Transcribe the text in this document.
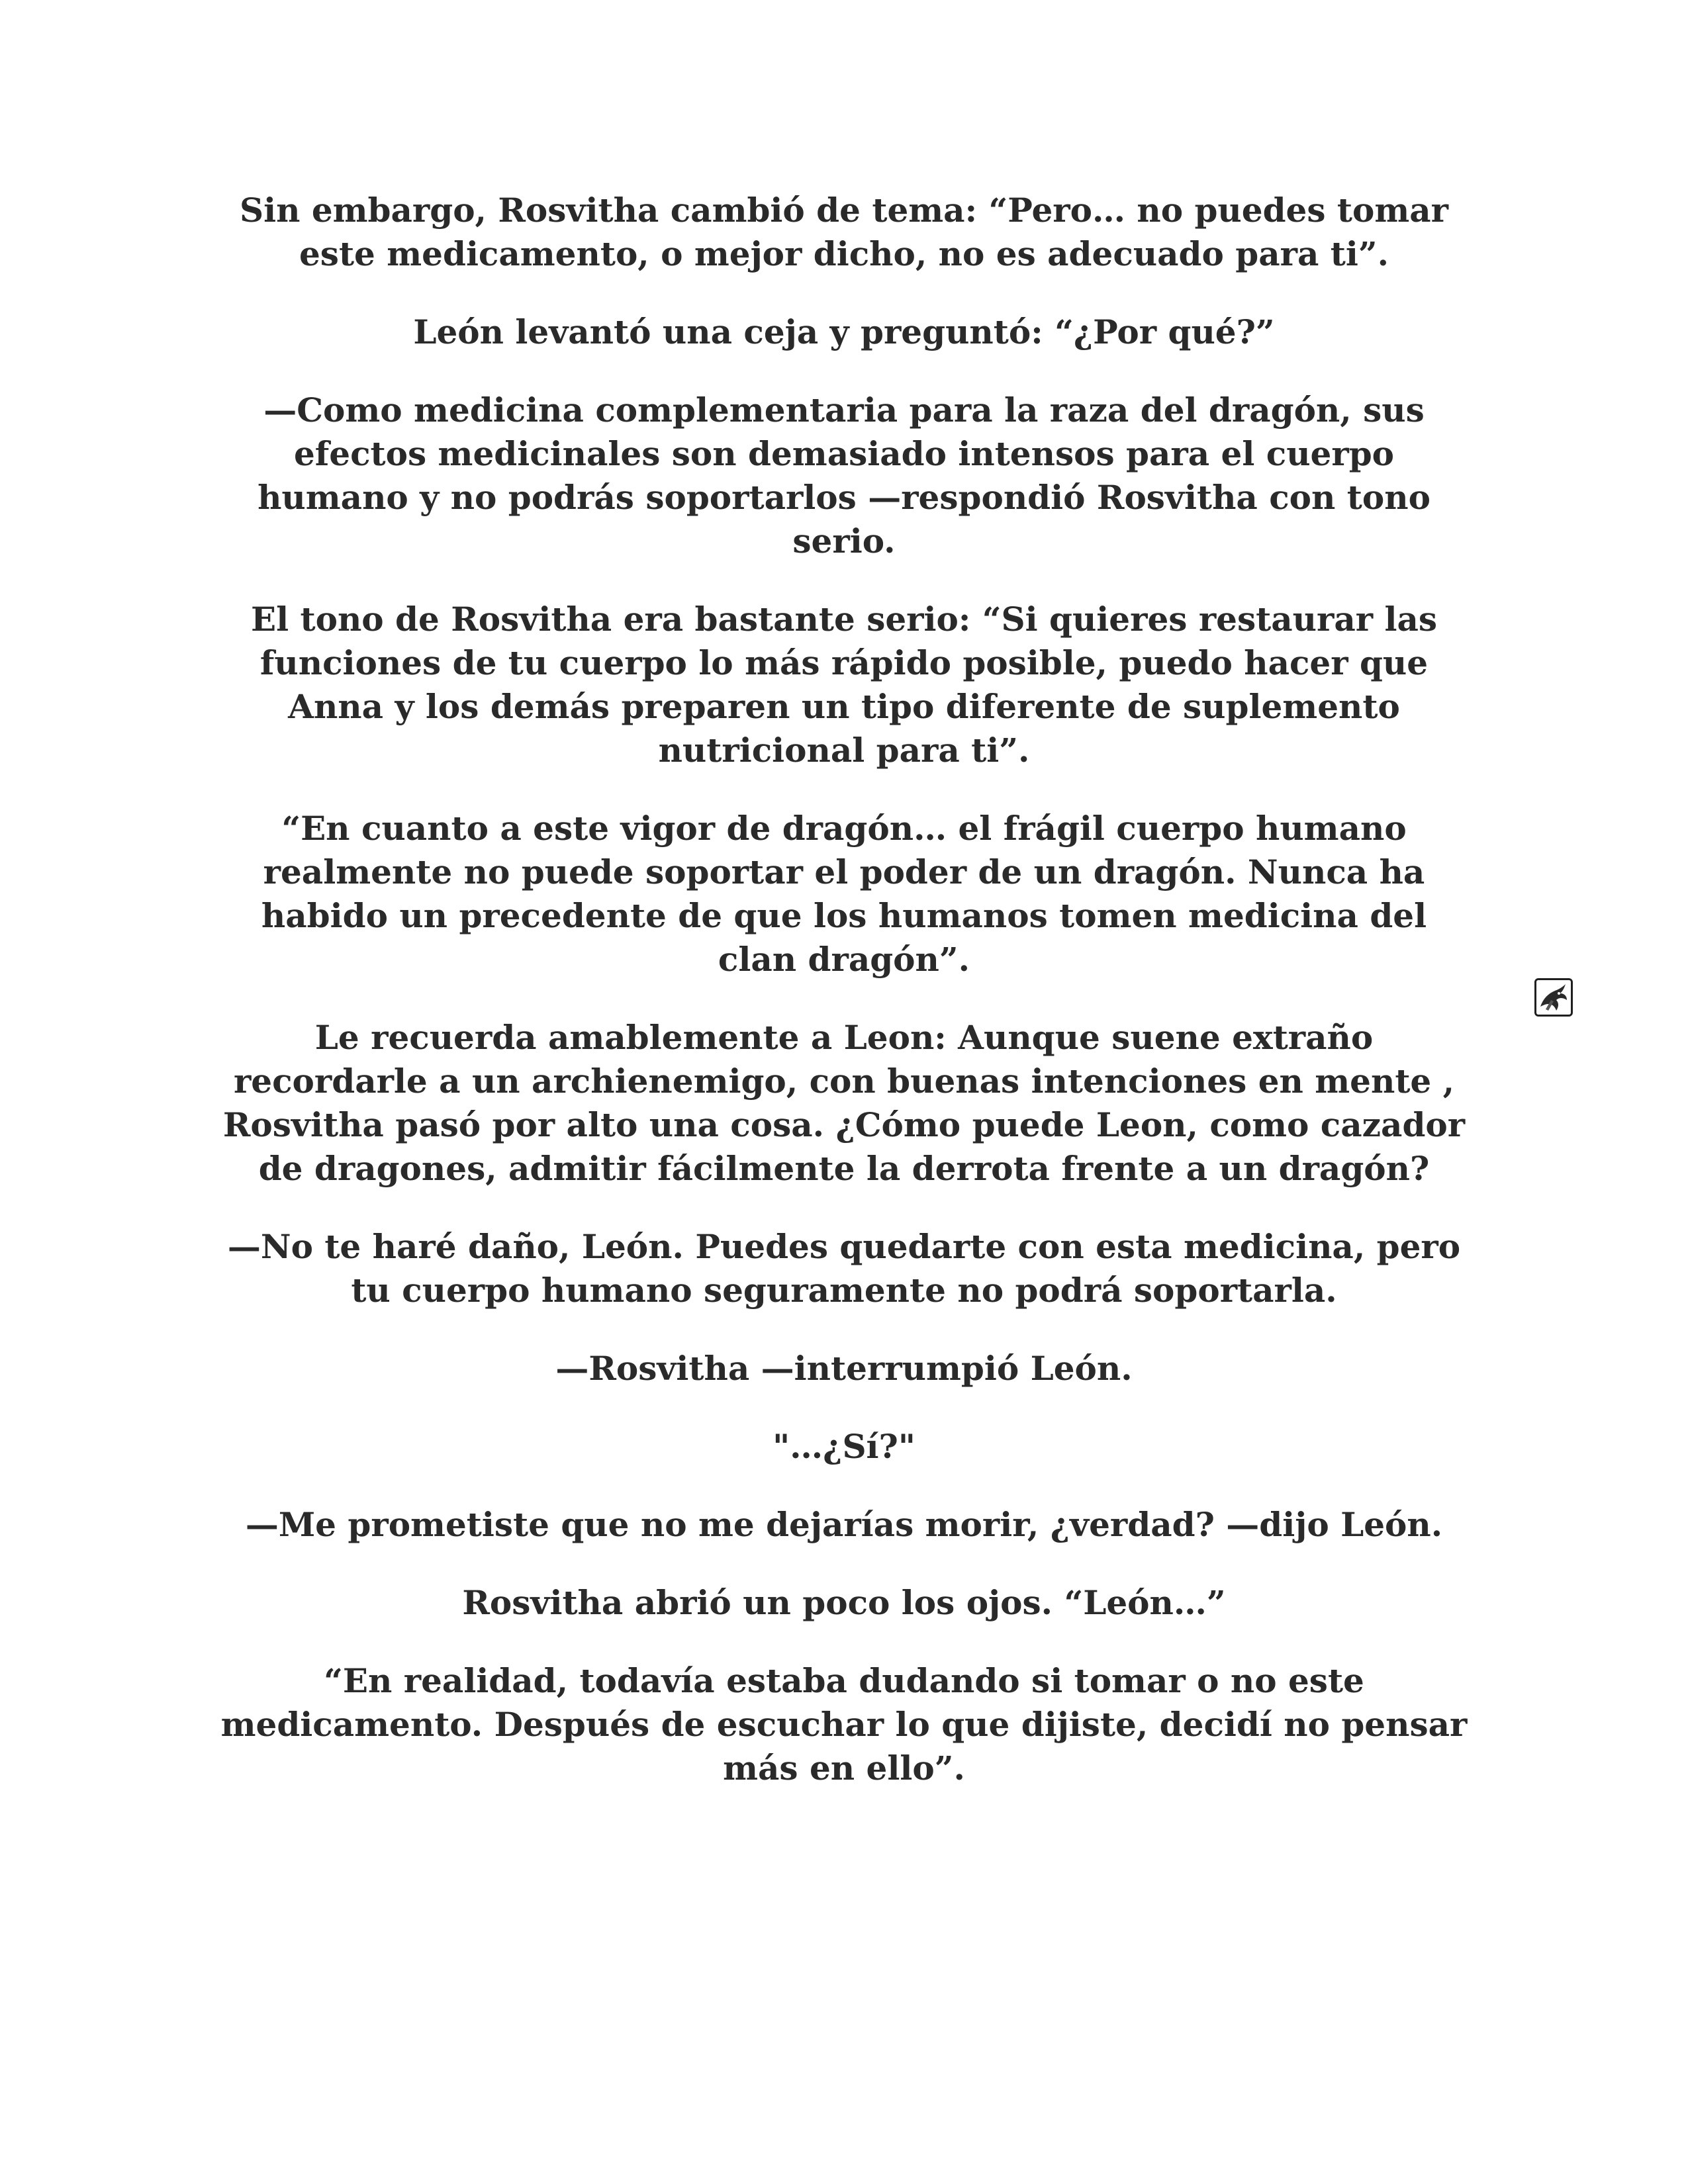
Sin embargo, Rosvitha cambió de tema: “Pero… no puedes tomar este medicamento, o mejor dicho, no es adecuado para ti”.

León levantó una ceja y preguntó: “¿Por qué?”

—Como medicina complementaria para la raza del dragón, sus efectos medicinales son demasiado intensos para el cuerpo humano y no podrás soportarlos —respondió Rosvitha con tono serio.

El tono de Rosvitha era bastante serio: “Si quieres restaurar las funciones de tu cuerpo lo más rápido posible, puedo hacer que Anna y los demás preparen un tipo diferente de suplemento nutricional para ti”.

“En cuanto a este vigor de dragón… el frágil cuerpo humano realmente no puede soportar el poder de un dragón. Nunca ha habido un precedente de que los humanos tomen medicina del clan dragón”.

Le recuerda amablemente a Leon: Aunque suene extraño recordarle a un archienemigo, con buenas intenciones en mente , Rosvitha pasó por alto una cosa. ¿Cómo puede Leon, como cazador de dragones, admitir fácilmente la derrota frente a un dragón?

—No te haré daño, León. Puedes quedarte con esta medicina, pero tu cuerpo humano seguramente no podrá soportarla.

—Rosvitha —interrumpió León.

"…¿Sí?"

—Me prometiste que no me dejarías morir, ¿verdad? —dijo León.

Rosvitha abrió un poco los ojos. “León…”

“En realidad, todavía estaba dudando si tomar o no este medicamento. Después de escuchar lo que dijiste, decidí no pensar más en ello”.
